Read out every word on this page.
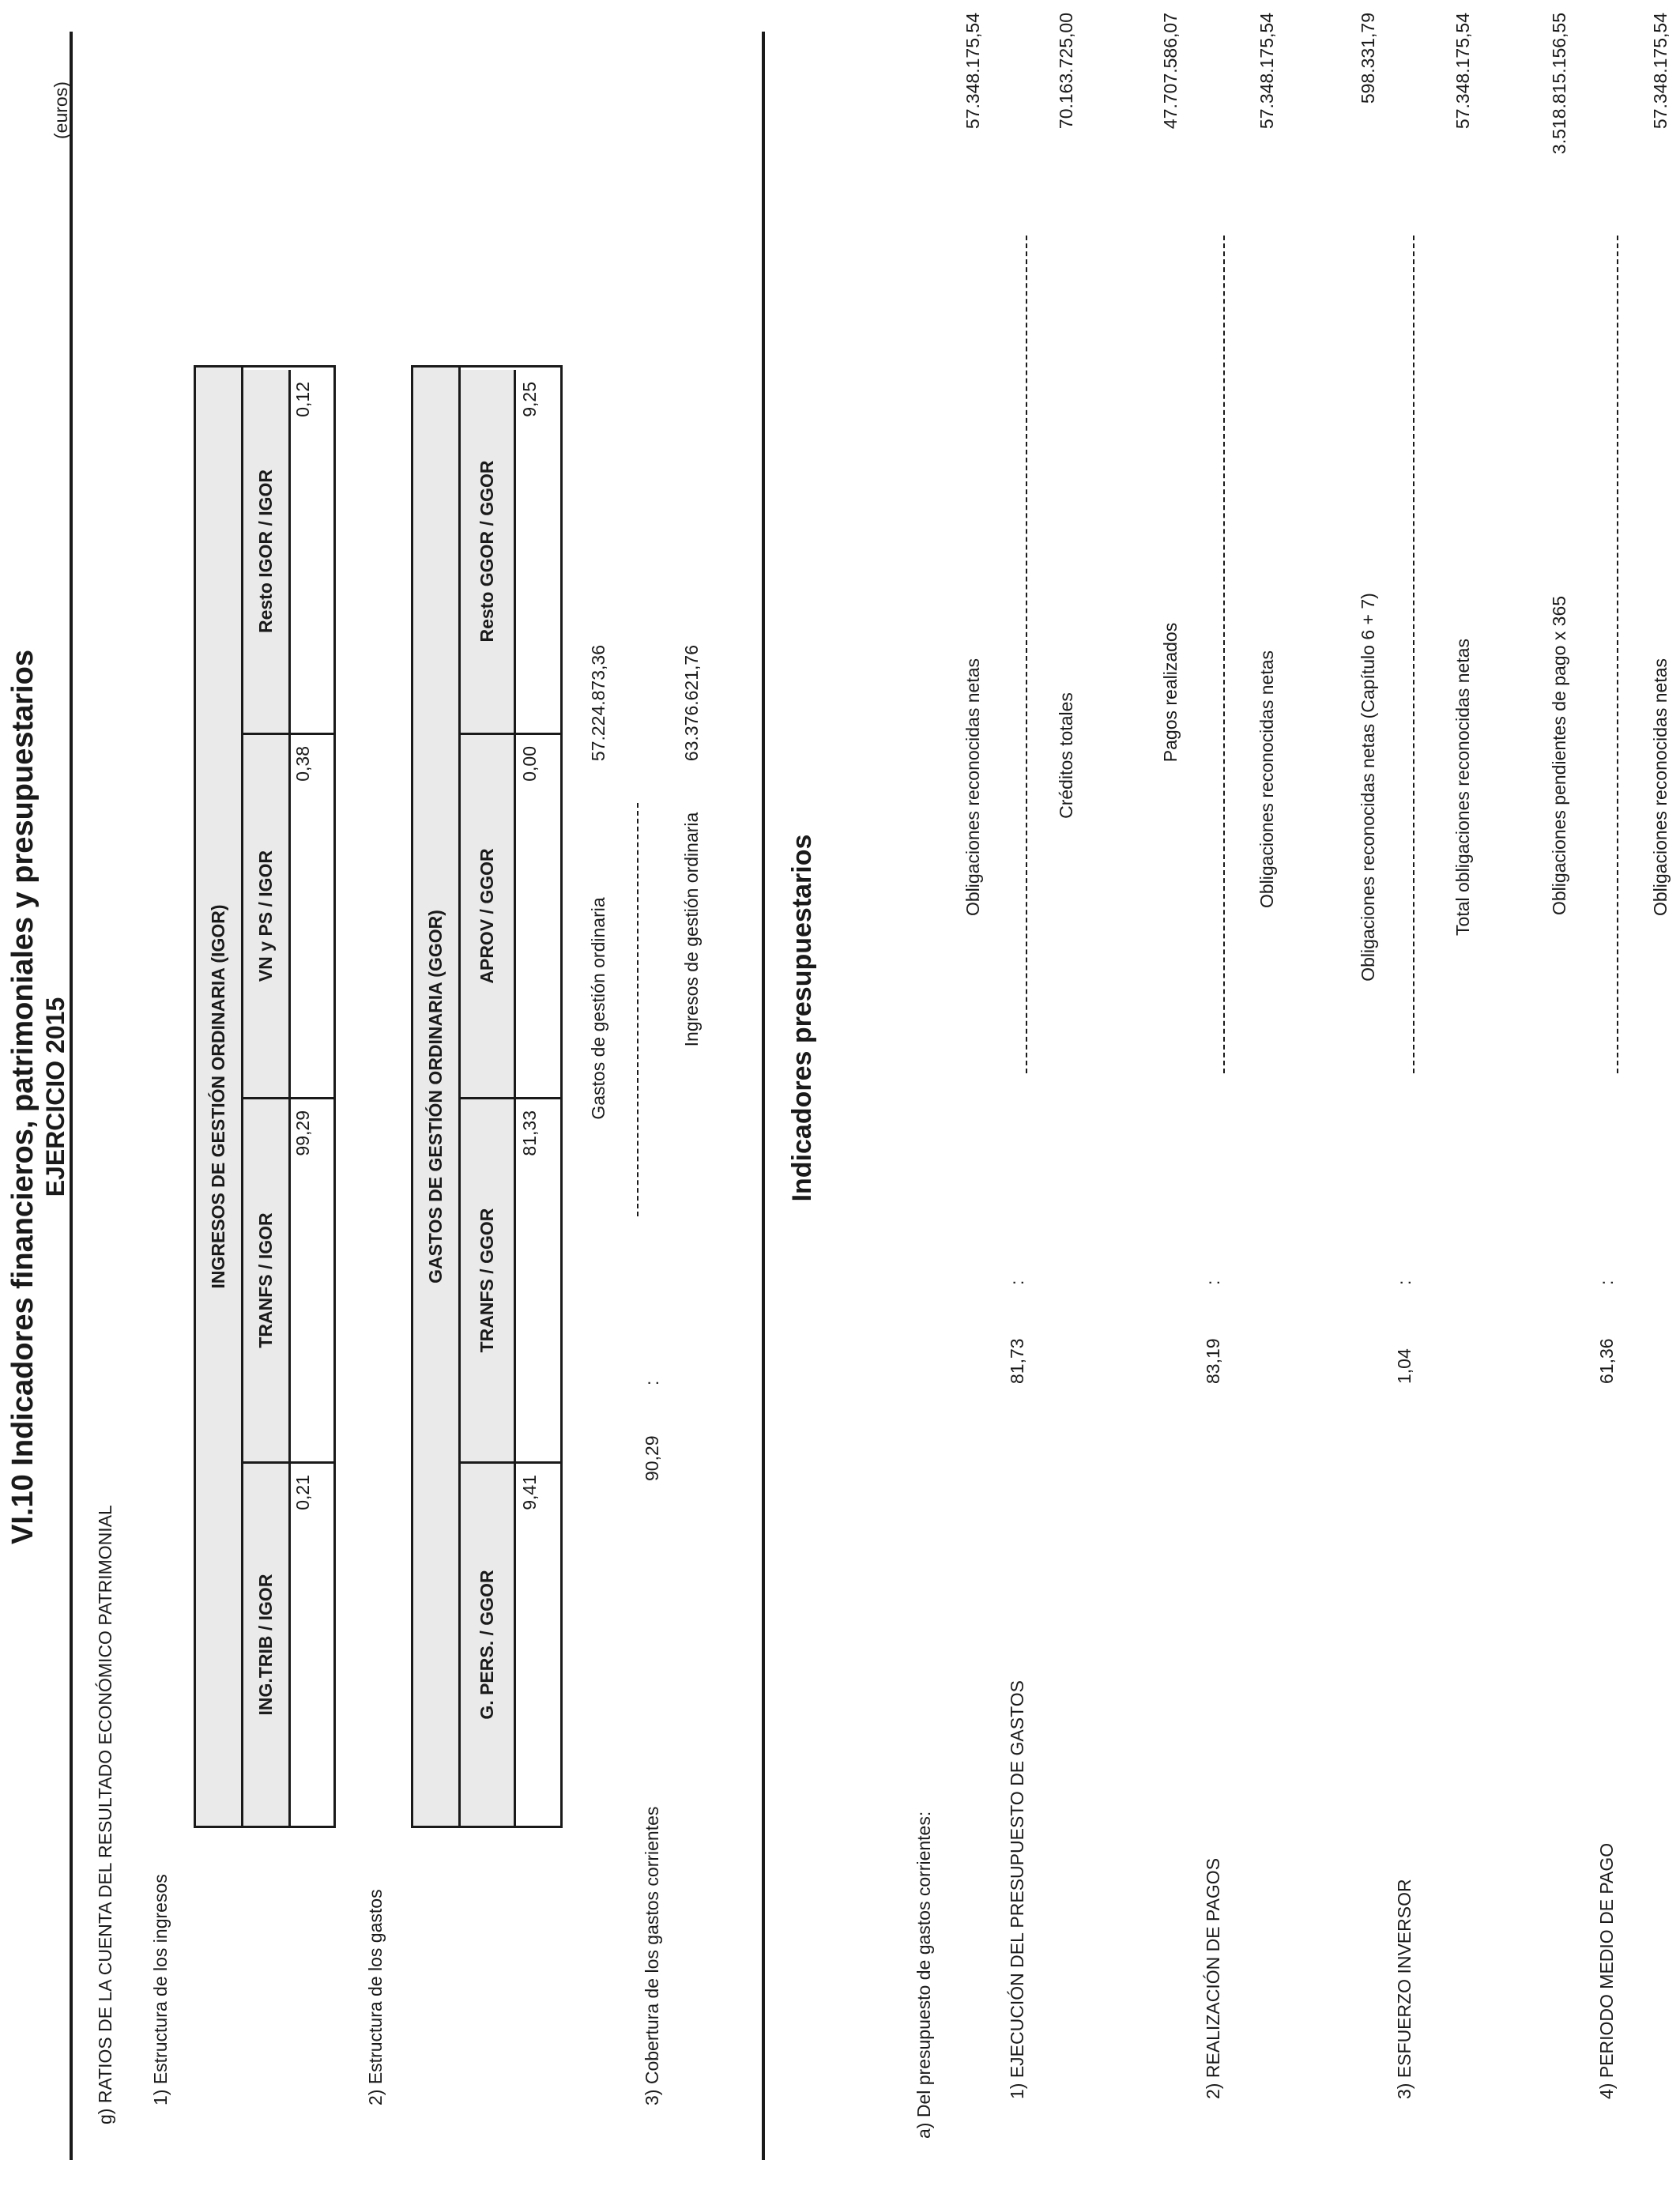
VI.10 Indicadores financieros, patrimoniales y presupuestarios EJERCICIO 2015
(euros)
g) RATIOS DE LA CUENTA DEL RESULTADO ECONÓMICO PATRIMONIAL 1) Estructura de los ingresos
INGRESOS DE GESTIÓN ORDINARIA (IGOR)
ING.TRIB / IGOR
TRANFS / IGOR
VN y PS / IGOR
Resto IGOR / IGOR
0,21
99,29
0,38
0,12
2) Estructura de los gastos
GASTOS DE GESTIÓN ORDINARIA (GGOR)
G. PERS. / GGOR
TRANFS / GGOR
APROV / GGOR
Resto GGOR / GGOR
9,41
81,33
0,00
9,25
3) Cobertura de los gastos corrientes
90,29
:
Gastos de gestión ordinaria
57.224.873,36
Ingresos de gestión ordinaria
63.376.621,76
Indicadores presupuestarios
a) Del presupuesto de gastos corrientes:	1) EJECUCIÓN DEL PRESUPUESTO DE GASTOS
81,73
:
Obligaciones reconocidas netas
57.348.175,54
Créditos totales
70.163.725,00
2) REALIZACIÓN DE PAGOS
83,19
:
Pagos realizados
47.707.586,07
Obligaciones reconocidas netas
57.348.175,54
3) ESFUERZO INVERSOR
1,04
:
Obligaciones reconocidas netas (Capítulo 6 + 7)
598.331,79
Total obligaciones reconocidas netas
57.348.175,54
4) PERIODO MEDIO DE PAGO
61,36
:
Obligaciones pendientes de pago x 365
3.518.815.156,55
Obligaciones reconocidas netas
57.348.175,54
